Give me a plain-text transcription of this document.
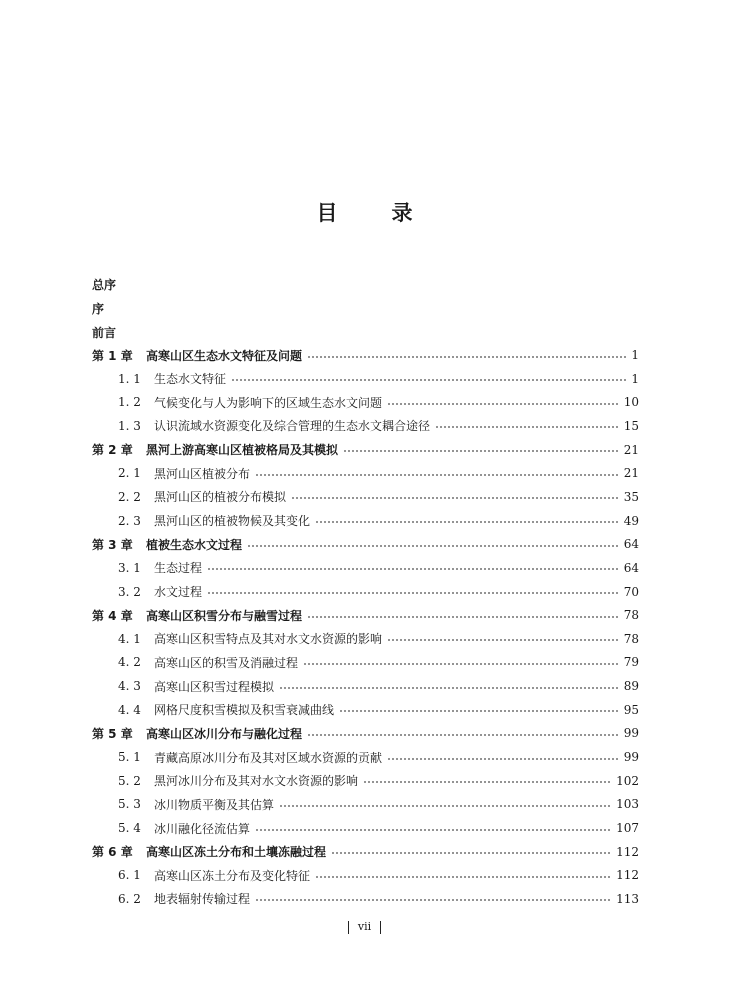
目录
总序
序
前言
第 1 章	高寒山区生态水文特征及问题	1
1. 1	生态水文特征	1
1. 2	气候变化与人为影响下的区域生态水文问题	10
1. 3	认识流域水资源变化及综合管理的生态水文耦合途径	15
第 2 章	黑河上游高寒山区植被格局及其模拟	21
2. 1	黑河山区植被分布	21
2. 2	黑河山区的植被分布模拟	35
2. 3	黑河山区的植被物候及其变化	49
第 3 章	植被生态水文过程	64
3. 1	生态过程	64
3. 2	水文过程	70
第 4 章	高寒山区积雪分布与融雪过程	78
4. 1	高寒山区积雪特点及其对水文水资源的影响	78
4. 2	高寒山区的积雪及消融过程	79
4. 3	高寒山区积雪过程模拟	89
4. 4	网格尺度积雪模拟及积雪衰减曲线	95
第 5 章	高寒山区冰川分布与融化过程	99
5. 1	青藏高原冰川分布及其对区域水资源的贡献	99
5. 2	黑河冰川分布及其对水文水资源的影响	102
5. 3	冰川物质平衡及其估算	103
5. 4	冰川融化径流估算	107
第 6 章	高寒山区冻土分布和土壤冻融过程	112
6. 1	高寒山区冻土分布及变化特征	112
6. 2	地表辐射传输过程	113
vii
